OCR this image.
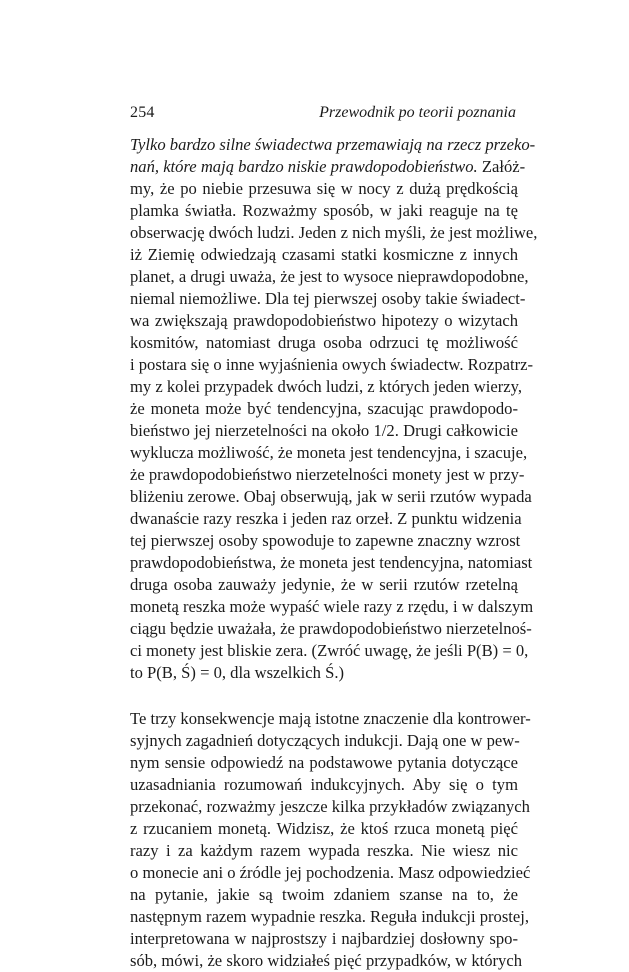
254	Przewodnik po teorii poznania
Tylko bardzo silne świadectwa przemawiają na rzecz przeko-
nań, które mają bardzo niskie prawdopodobieństwo. Załóż-
my, że po niebie przesuwa się w nocy z dużą prędkością
plamka światła. Rozważmy sposób, w jaki reaguje na tę
obserwację dwóch ludzi. Jeden z nich myśli, że jest możliwe,
iż Ziemię odwiedzają czasami statki kosmiczne z innych
planet, a drugi uważa, że jest to wysoce nieprawdopodobne,
niemal niemożliwe. Dla tej pierwszej osoby takie świadect-
wa zwiększają prawdopodobieństwo hipotezy o wizytach
kosmitów, natomiast druga osoba odrzuci tę możliwość
i postara się o inne wyjaśnienia owych świadectw. Rozpatrz-
my z kolei przypadek dwóch ludzi, z których jeden wierzy,
że moneta może być tendencyjna, szacując prawdopodo-
bieństwo jej nierzetelności na około 1/2. Drugi całkowicie
wyklucza możliwość, że moneta jest tendencyjna, i szacuje,
że prawdopodobieństwo nierzetelności monety jest w przy-
bliżeniu zerowe. Obaj obserwują, jak w serii rzutów wypada
dwanaście razy reszka i jeden raz orzeł. Z punktu widzenia
tej pierwszej osoby spowoduje to zapewne znaczny wzrost
prawdopodobieństwa, że moneta jest tendencyjna, natomiast
druga osoba zauważy jedynie, że w serii rzutów rzetelną
monetą reszka może wypaść wiele razy z rzędu, i w dalszym
ciągu będzie uważała, że prawdopodobieństwo nierzetelnoś-
ci monety jest bliskie zera. (Zwróć uwagę, że jeśli P(B) = 0,
to P(B, Ś) = 0, dla wszelkich Ś.)
Te trzy konsekwencje mają istotne znaczenie dla kontrower-
syjnych zagadnień dotyczących indukcji. Dają one w pew-
nym sensie odpowiedź na podstawowe pytania dotyczące
uzasadniania rozumowań indukcyjnych. Aby się o tym
przekonać, rozważmy jeszcze kilka przykładów związanych
z rzucaniem monetą. Widzisz, że ktoś rzuca monetą pięć
razy i za każdym razem wypada reszka. Nie wiesz nic
o monecie ani o źródle jej pochodzenia. Masz odpowiedzieć
na pytanie, jakie są twoim zdaniem szanse na to, że
następnym razem wypadnie reszka. Reguła indukcji prostej,
interpretowana w najprostszy i najbardziej dosłowny spo-
sób, mówi, że skoro widziałeś pięć przypadków, w których
